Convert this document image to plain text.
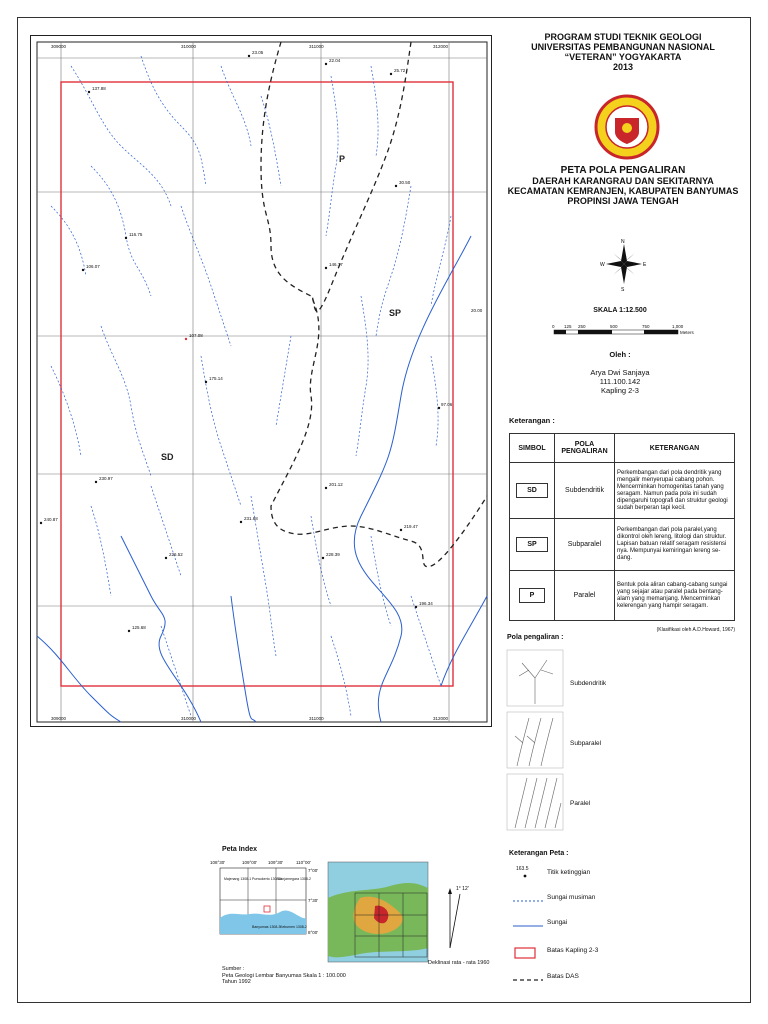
137.88
23.05
22.04
25.72
30.50
116.75
106.07	146.77
107.08
175.14
97.06
230.97
201.12
240.87	231.68
219.47
226.52
125.68
228.39
196.34
20.00
309000	310000	311000	312000
309000	310000	311000	312000
P
SP
SD
PROGRAM STUDI TEKNIK GEOLOGI
UNIVERSITAS PEMBANGUNAN NASIONAL
“VETERAN” YOGYAKARTA
2013
PETA POLA PENGALIRAN
DAERAH KARANGRAU DAN SEKITARNYA
KECAMATAN KEMRANJEN, KABUPATEN BANYUMAS
PROPINSI JAWA TENGAH
N
S
W	E
SKALA 1:12.500
0 125 250	500	750	1,000
Meters
Oleh :
Arya Dwi Sanjaya
111.100.142
Kapling 2-3
Keterangan :
SIMBOL	POLA PENGALIRAN	KETERANGAN
SD	Subdendritik	Perkembangan dari pola dendritik yang mengalir menyerupai cabang pohon. Mencerminkan homogenitas tanah yang seragam. Namun pada pola ini sudah dipengaruhi topografi dan struktur geologi sudah berperan tapi kecil.
SP	Subparalel	Perkembangan dari pola paralel,yang dikontrol oleh lereng, litologi dan struktur. Lapisan batuan relatif seragam resistensi nya. Mempunyai kemiringan lereng se- dang.
P	Paralel	Bentuk pola aliran cabang-cabang sungai yang sejajar atau paralel pada bentang- alam yang memanjang. Mencerminkan kelerengan yang hampir seragam.
(Klasifikasi oleh A.D.Howard, 1967)
Pola pengaliran :
Subdendritik
Subparalel
Paralel
Keterangan Peta :
163.5	Titik ketinggian
Sungai musiman
Sungai
Batas Kapling 2-3
Batas DAS
Peta Index
108°30'	109°00' 109°30'	110°00'
7°00'
7°30'
8°00'
Majenang 1308-1 Purwokerto 1308-4
Banjarnegara 1308-2
Banyumas 1308-3 Kebumen 1308-2
1° 12'
Deklinasi rata - rata 1960
Sumber :
Peta Geologi Lembar Banyumas Skala 1 : 100.000
Tahun 1992
